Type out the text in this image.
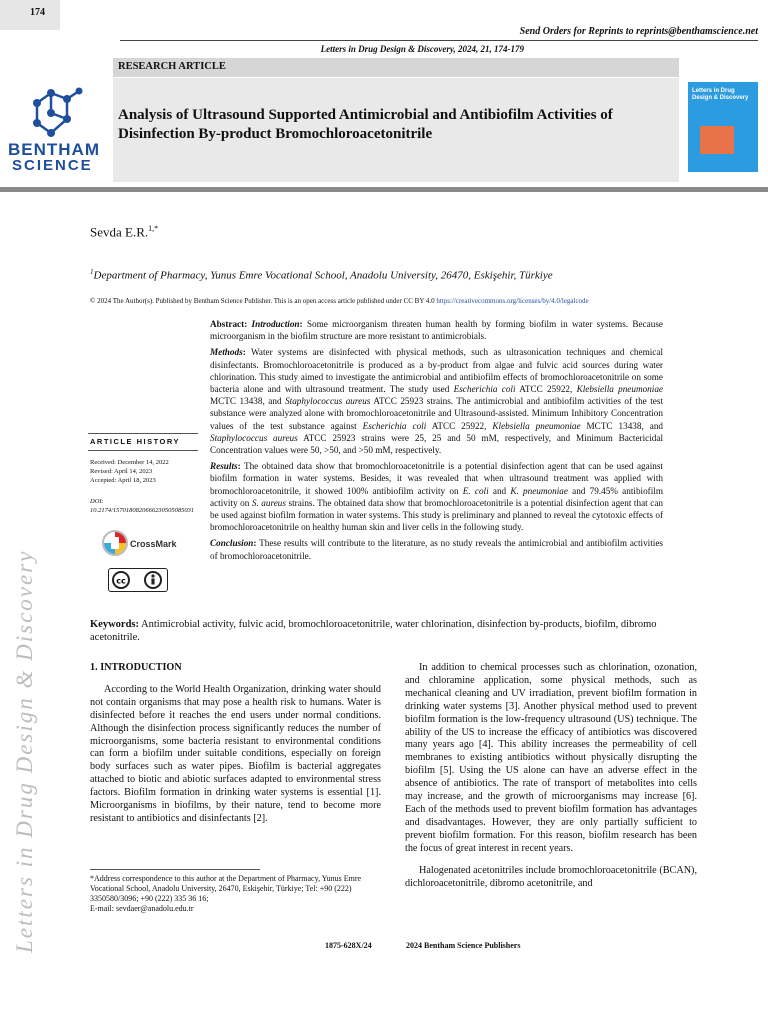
174
Send Orders for Reprints to reprints@benthamscience.net
Letters in Drug Design & Discovery, 2024, 21, 174-179
RESEARCH ARTICLE
Analysis of Ultrasound Supported Antimicrobial and Antibiofilm Activities of Disinfection By-product Bromochloroacetonitrile
BENTHAM
SCIENCE
Letters in Drug Design & Discovery
Sevda E.R.$^{1,*}$
$^1$Department of Pharmacy, Yunus Emre Vocational School, Anadolu University, 26470, Eskişehir, Türkiye
© 2024 The Author(s). Published by Bentham Science Publisher. This is an open access article published under CC BY 4.0 https://creativecommons.org/licenses/by/4.0/legalcode

Abstract: Introduction: Some microorganism threaten human health by forming biofilm in water systems. Because microorganism in the biofilm structure are more resistant to antimicrobials.

Methods: Water systems are disinfected with physical methods, such as ultrasonication techniques and chemical disinfectants. Bromochloroacetonitrile is produced as a by-product from algae and fulvic acid sources during water chlorination. This study aimed to investigate the antimicrobial and antibiofilm effects of bromochloroacetonitrile on some bacteria alone and with ultrasound treatment. The study used Escherichia coli ATCC 25922, Klebsiella pneumoniae MCTC 13438, and Staphylococcus aureus ATCC 25923 strains. The antimicrobial and antibiofilm activities of the test substance were analyzed alone with bromochloroacetonitrile and Ultrasound-assisted. Minimum Inhibitory Concentration values of the test substance against Escherichia coli ATCC 25922, Klebsiella pneumoniae MCTC 13438, and Staphylococcus aureus ATCC 25923 strains were 25, 25 and 50 mM, respectively, and Minimum Bactericidal Concentration values were 50, >50, and >50 mM, respectively.

Results: The obtained data show that bromochloroacetonitrile is a potential disinfection agent that can be used against biofilm formation in water systems. Besides, it was revealed that when ultrasound treatment was applied with bromochloroacetonitrile, it showed 100% antibiofilm activity on E. coli and K. pneumoniae and 79.45% antibiofilm activity on S. aureus strains. The obtained data show that bromochloroacetonitrile is a potential disinfection agent that can be used against biofilm formation in water systems. This study is preliminary and planned to reveal the cytotoxic effects of bromochloroacetonitrile on healthy human skin and liver cells in the following study.

Conclusion: These results will contribute to the literature, as no study reveals the antimicrobial and antibiofilm activities of bromochloroacetonitrile.

ARTICLE HISTORY
Received: December 14, 2022
Revised: April 14, 2023
Accepted: April 18, 2023
DOI:
10.2174/1570180820666230505085031
CrossMark
cc
Letters in Drug Design & Discovery	Keywords: Antimicrobial activity, fulvic acid, bromochloroacetonitrile, water chlorination, disinfection by-products, biofilm, dibromo acetonitrile.
1. INTRODUCTION

According to the World Health Organization, drinking water should not contain organisms that may pose a health risk to humans. Water is disinfected before it reaches the end users under normal conditions. Although the disinfection process significantly reduces the number of microorganisms, some bacteria resistant to environmental conditions can form a biofilm under suitable conditions, especially on foreign body surfaces such as water pipes. Biofilm is bacterial aggregates attached to biotic and abiotic surfaces adapted to environmental stress factors. Biofilm formation in drinking water systems is essential [1]. Microorganisms in biofilms, by their nature, tend to become more resistant to antibiotics and disinfectants [2].

In addition to chemical processes such as chlorination, ozonation, and chloramine application, some physical methods, such as mechanical cleaning and UV irradiation, prevent biofilm formation in drinking water systems [3]. Another physical method used to prevent biofilm formation is the low-frequency ultrasound (US) technique. The ability of the US to increase the efficacy of antibiotics was discovered many years ago [4]. This ability increases the permeability of cell membranes to existing antibiotics without physically disrupting the biofilm [5]. Using the US alone can have an adverse effect in the absence of antibiotics. The rate of transport of metabolites into cells may increase, and the growth of microorganisms may increase [6]. Each of the methods used to prevent biofilm formation has advantages and disadvantages. However, they are only partially sufficient to prevent biofilm formation. For this reason, biofilm research has been the focus of great interest in recent years.

Halogenated acetonitriles include bromochloroacetonitrile (BCAN), dichloroacetonitrile, dibromo acetonitrile, and

*Address correspondence to this author at the Department of Pharmacy, Yunus Emre Vocational School, Anadolu University, 26470, Eskişehir, Türkiye; Tel: +90 (222) 3350580/3096; +90 (222) 335 36 16;
E-mail: sevdaer@anadolu.edu.tr
1875-628X/24	2024 Bentham Science Publishers
